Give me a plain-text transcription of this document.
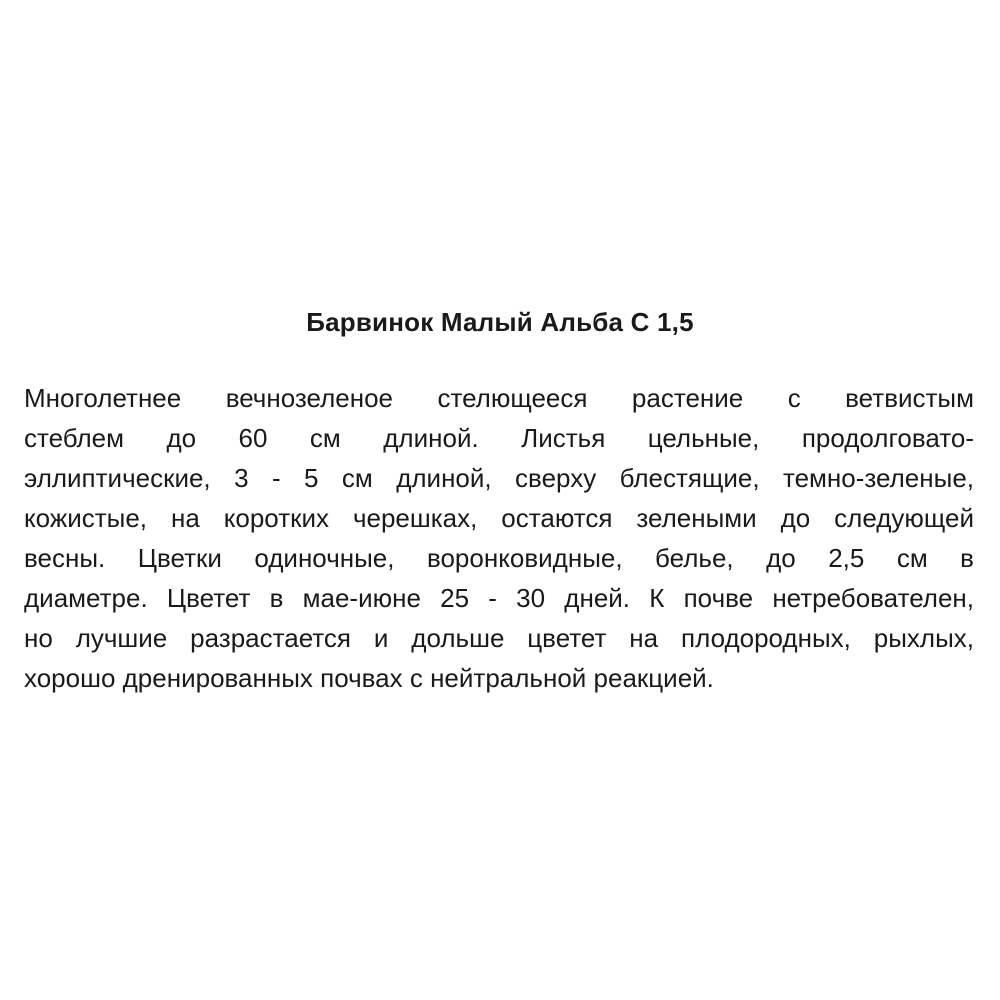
Барвинок Малый Альба С 1,5
Многолетнее вечнозеленое стелющееся растение с ветвистым
стеблем до 60 см длиной. Листья цельные, продолговато-
эллиптические, 3 - 5 см длиной, сверху блестящие, темно-зеленые,
кожистые, на коротких черешках, остаются зелеными до следующей
весны. Цветки одиночные, воронковидные, белье, до 2,5 см в
диаметре. Цветет в мае-июне 25 - 30 дней. К почве нетребователен,
но лучшие разрастается и дольше цветет на плодородных, рыхлых,
хорошо дренированных почвах с нейтральной реакцией.
